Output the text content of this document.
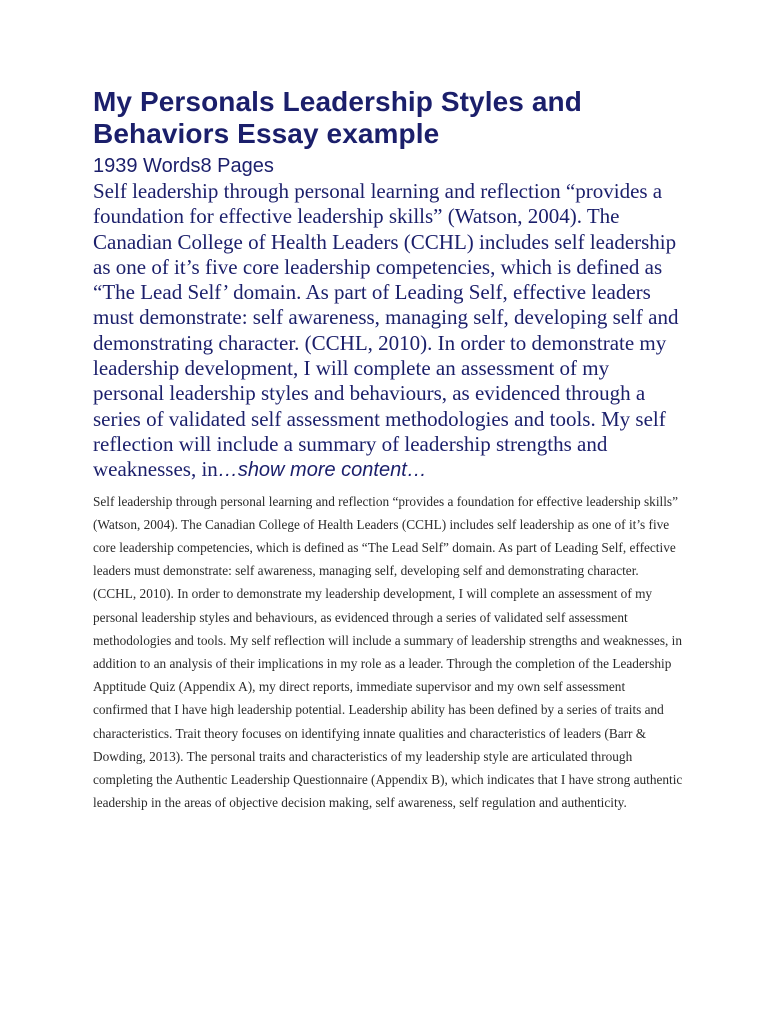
My Personals Leadership Styles and Behaviors Essay example
1939 Words8 Pages

Self leadership through personal learning and reflection “provides a foundation for effective leadership skills” (Watson, 2004). The Canadian College of Health Leaders (CCHL) includes self leadership as one of it’s five core leadership competencies, which is defined as “The Lead Self’ domain. As part of Leading Self, effective leaders must demonstrate: self awareness, managing self, developing self and demonstrating character. (CCHL, 2010). In order to demonstrate my leadership development, I will complete an assessment of my personal leadership styles and behaviours, as evidenced through a series of validated self assessment methodologies and tools. My self reflection will include a summary of leadership strengths and weaknesses, in…show more content…

Self leadership through personal learning and reflection “provides a foundation for effective leadership skills” (Watson, 2004). The Canadian College of Health Leaders (CCHL) includes self leadership as one of it’s five core leadership competencies, which is defined as “The Lead Self” domain. As part of Leading Self, effective leaders must demonstrate: self awareness, managing self, developing self and demonstrating character. (CCHL, 2010). In order to demonstrate my leadership development, I will complete an assessment of my personal leadership styles and behaviours, as evidenced through a series of validated self assessment methodologies and tools. My self reflection will include a summary of leadership strengths and weaknesses, in addition to an analysis of their implications in my role as a leader. Through the completion of the Leadership Apptitude Quiz (Appendix A), my direct reports, immediate supervisor and my own self assessment confirmed that I have high leadership potential. Leadership ability has been defined by a series of traits and characteristics. Trait theory focuses on identifying innate qualities and characteristics of leaders (Barr & Dowding, 2013). The personal traits and characteristics of my leadership style are articulated through completing the Authentic Leadership Questionnaire (Appendix B), which indicates that I have strong authentic leadership in the areas of objective decision making, self awareness, self regulation and authenticity.
